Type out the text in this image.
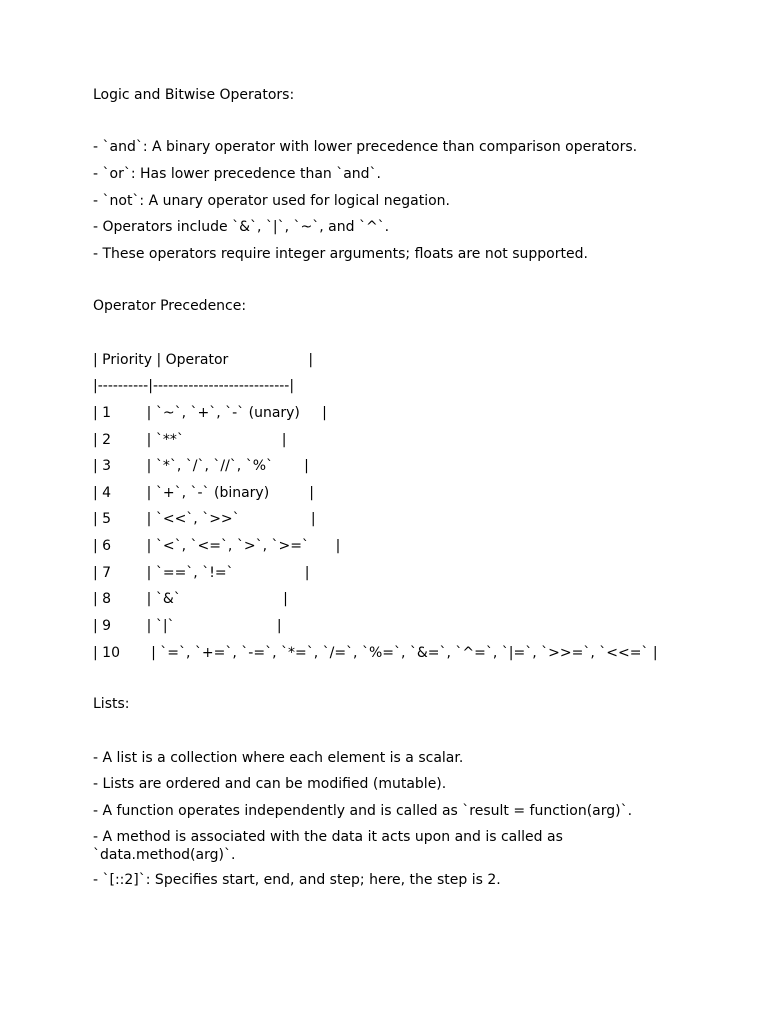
Logic and Bitwise Operators:
- `and`: A binary operator with lower precedence than comparison operators.
- `or`: Has lower precedence than `and`.
- `not`: A unary operator used for logical negation.
- Operators include `&`, `|`, `~`, and `^`.
- These operators require integer arguments; floats are not supported.
Operator Precedence:
| Priority | Operator                  |
|----------|---------------------------|
| 1        | `~`, `+`, `-` (unary)     |
| 2        | `**`                      |
| 3        | `*`, `/`, `//`, `%`       |
| 4        | `+`, `-` (binary)         |
| 5        | `<<`, `>>`                |
| 6        | `<`, `<=`, `>`, `>=`      |
| 7        | `==`, `!=`                |
| 8        | `&`                       |
| 9        | `|`                       |
| 10       | `=`, `+=`, `-=`, `*=`, `/=`, `%=`, `&=`, `^=`, `|=`, `>>=`, `<<=` |
Lists:
- A list is a collection where each element is a scalar.
- Lists are ordered and can be modified (mutable).
- A function operates independently and is called as `result = function(arg)`.
- A method is associated with the data it acts upon and is called as `data.method(arg)`.
- `[::2]`: Specifies start, end, and step; here, the step is 2.
